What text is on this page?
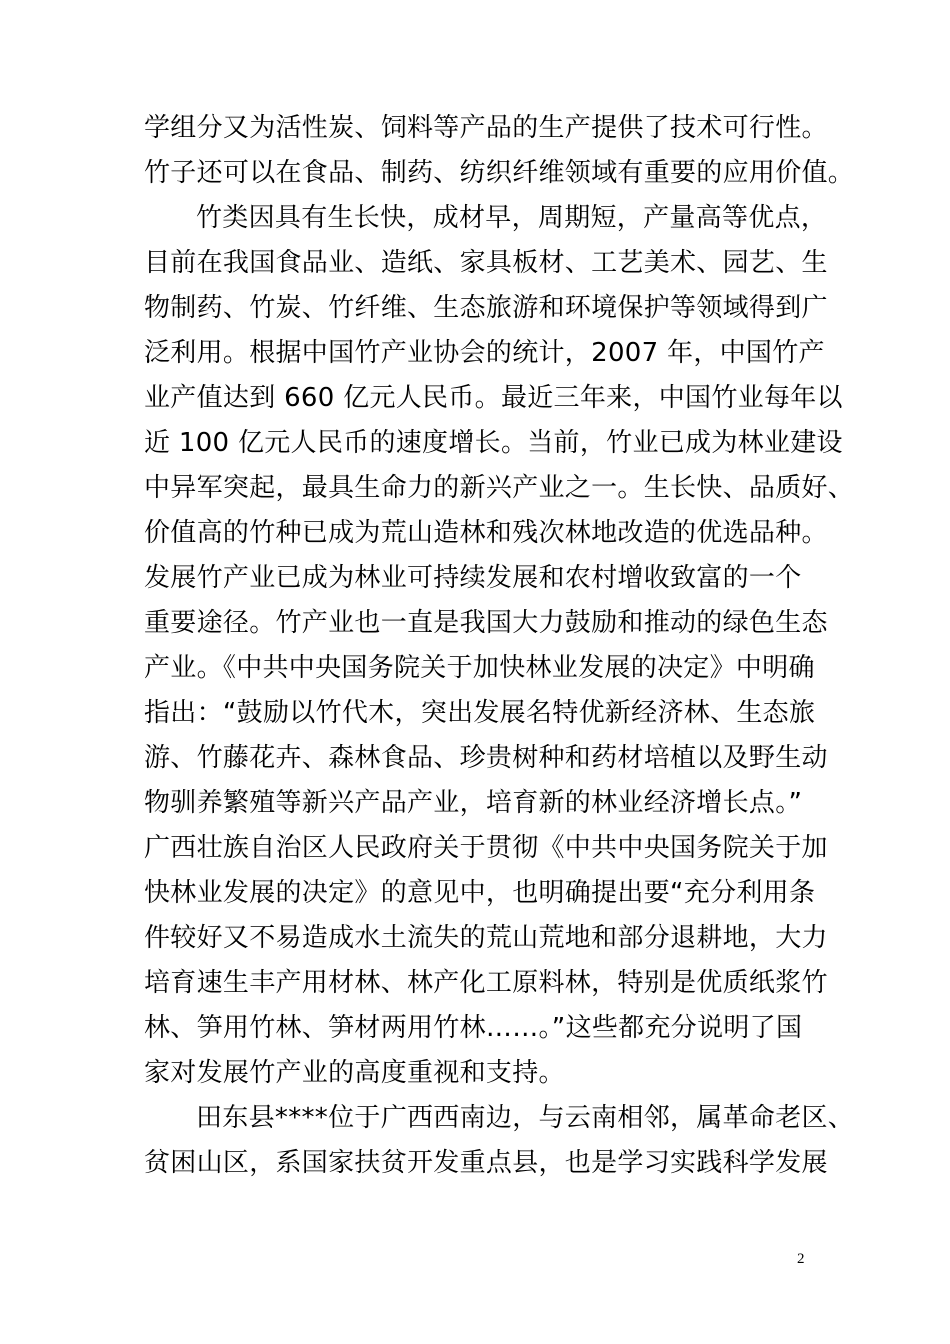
学组分又为活性炭、饲料等产品的生产提供了技术可行性。
竹子还可以在食品、制药、纺织纤维领域有重要的应用价值。
竹类因具有生长快，成材早，周期短，产量高等优点，
目前在我国食品业、造纸、家具板材、工艺美术、园艺、生
物制药、竹炭、竹纤维、生态旅游和环境保护等领域得到广
泛利用。根据中国竹产业协会的统计，2007 年，中国竹产
业产值达到 660 亿元人民币。最近三年来，中国竹业每年以
近 100 亿元人民币的速度增长。当前，竹业已成为林业建设
中异军突起，最具生命力的新兴产业之一。生长快、品质好、
价值高的竹种已成为荒山造林和残次林地改造的优选品种。
发展竹产业已成为林业可持续发展和农村增收致富的一个
重要途径。竹产业也一直是我国大力鼓励和推动的绿色生态
产业。《中共中央国务院关于加快林业发展的决定》中明确
指出：“鼓励以竹代木，突出发展名特优新经济林、生态旅
游、竹藤花卉、森林食品、珍贵树种和药材培植以及野生动
物驯养繁殖等新兴产品产业，培育新的林业经济增长点。”
广西壮族自治区人民政府关于贯彻《中共中央国务院关于加
快林业发展的决定》的意见中，也明确提出要“充分利用条
件较好又不易造成水土流失的荒山荒地和部分退耕地，大力
培育速生丰产用材林、林产化工原料林，特别是优质纸浆竹
林、笋用竹林、笋材两用竹林……。”这些都充分说明了国
家对发展竹产业的高度重视和支持。
田东县****位于广西西南边，与云南相邻，属革命老区、
贫困山区，系国家扶贫开发重点县，也是学习实践科学发展
2
